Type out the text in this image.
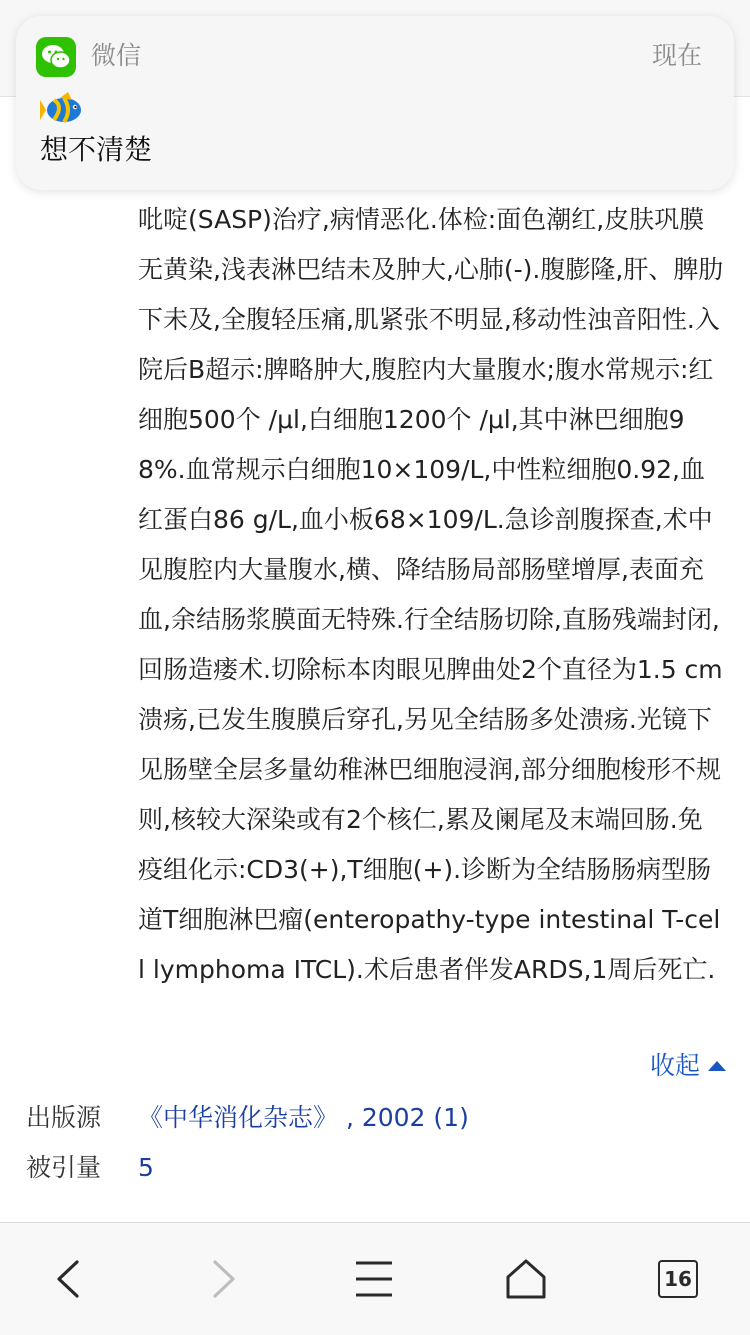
微信	现在
想不清楚
吡啶(SASP)治疗,病情恶化.体检:面色潮红,皮肤巩膜无黄染,浅表淋巴结未及肿大,心肺(-).腹膨隆,肝、脾肋下未及,全腹轻压痛,肌紧张不明显,移动性浊音阳性.入院后B超示:脾略肿大,腹腔内大量腹水;腹水常规示:红细胞500个 /μl,白细胞1200个 /μl,其中淋巴细胞98%.血常规示白细胞10×109/L,中性粒细胞0.92,血红蛋白86 g/L,血小板68×109/L.急诊剖腹探查,术中见腹腔内大量腹水,横、降结肠局部肠壁增厚,表面充血,余结肠浆膜面无特殊.行全结肠切除,直肠残端封闭,回肠造瘘术.切除标本肉眼见脾曲处2个直径为1.5 cm溃疡,已发生腹膜后穿孔,另见全结肠多处溃疡.光镜下见肠壁全层多量幼稚淋巴细胞浸润,部分细胞梭形不规则,核较大深染或有2个核仁,累及阑尾及末端回肠.免疫组化示:CD3(+),T细胞(+).诊断为全结肠肠病型肠道T细胞淋巴瘤(enteropathy-type intestinal T-cell lymphoma ITCL).术后患者伴发ARDS,1周后死亡.
收起
出版源	《中华消化杂志》 , 2002 (1)
被引量	5
16
